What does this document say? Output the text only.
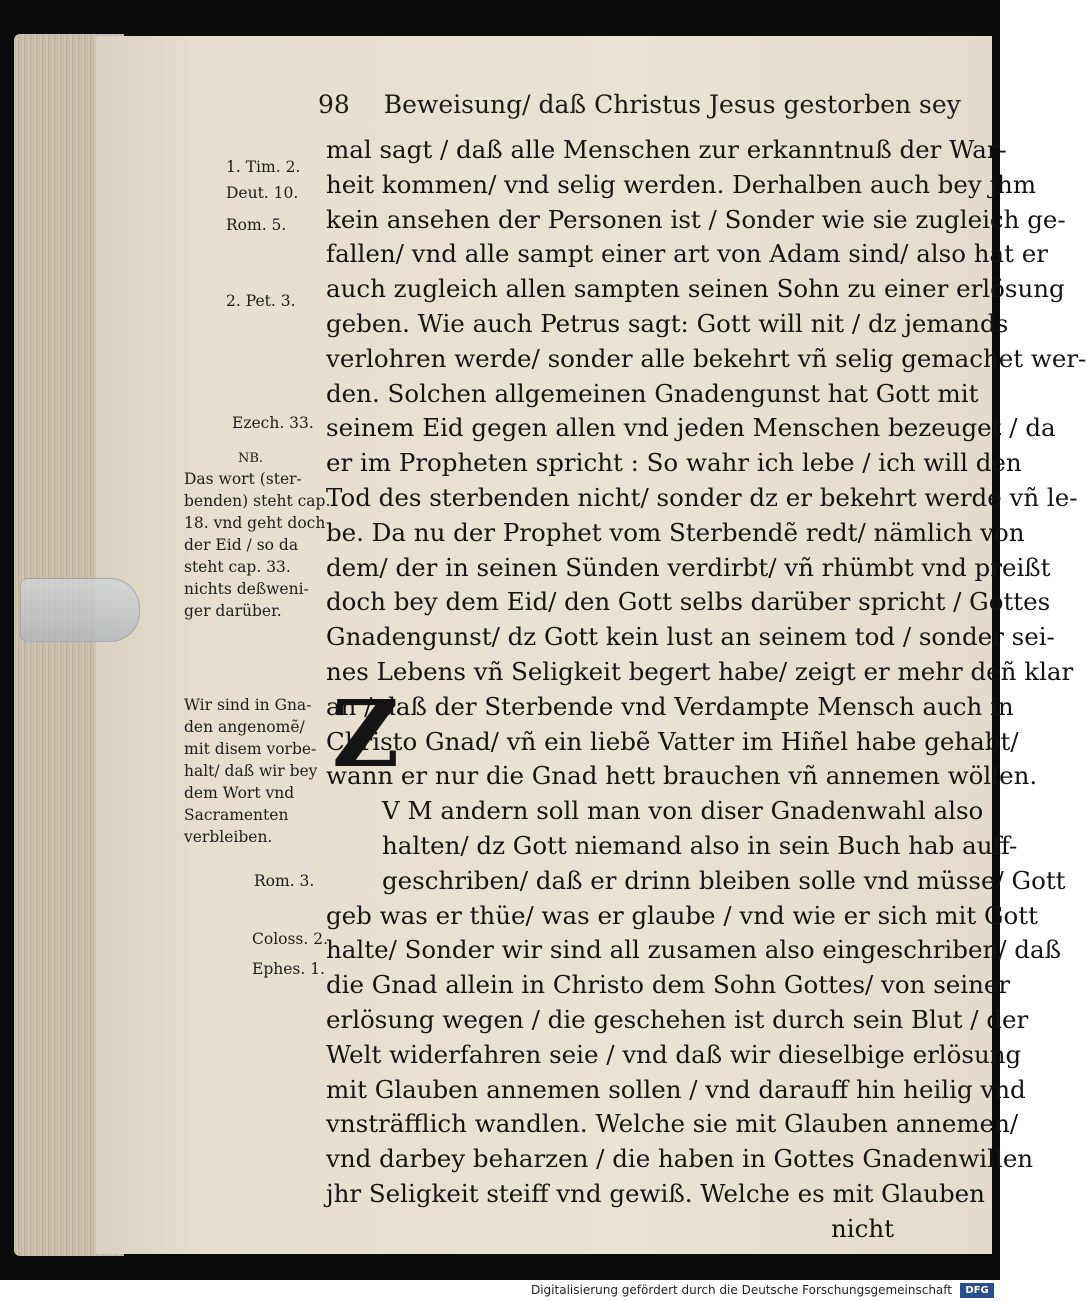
98 Beweisung/ daß Christus Jesus gestorben sey
Z
mal sagt / daß alle Menschen zur erkanntnuß der War-
heit kommen/ vnd selig werden. Derhalben auch bey jhm
kein ansehen der Personen ist / Sonder wie sie zugleich ge-
fallen/ vnd alle sampt einer art von Adam sind/ also hat er
auch zugleich allen sampten seinen Sohn zu einer erlösung
geben. Wie auch Petrus sagt: Gott will nit / dz jemands
verlohren werde/ sonder alle bekehrt vñ selig gemachet wer-
den. Solchen allgemeinen Gnadengunst hat Gott mit
seinem Eid gegen allen vnd jeden Menschen bezeuget / da
er im Propheten spricht : So wahr ich lebe / ich will den
Tod des sterbenden nicht/ sonder dz er bekehrt werde vñ le-
be. Da nu der Prophet vom Sterbendẽ redt/ nämlich von
dem/ der in seinen Sünden verdirbt/ vñ rhümbt vnd preißt
doch bey dem Eid/ den Gott selbs darüber spricht / Gottes
Gnadengunst/ dz Gott kein lust an seinem tod / sonder sei-
nes Lebens vñ Seligkeit begert habe/ zeigt er mehr deñ klar
an / daß der Sterbende vnd Verdampte Mensch auch in
Christo Gnad/ vñ ein liebẽ Vatter im Hiñel habe gehabt/
wann er nur die Gnad hett brauchen vñ annemen wöllen.
V M andern soll man von diser Gnadenwahl also
halten/ dz Gott niemand also in sein Buch hab auff-
geschriben/ daß er drinn bleiben solle vnd müsse/ Gott
geb was er thüe/ was er glaube / vnd wie er sich mit Gott
halte/ Sonder wir sind all zusamen also eingeschriben/ daß
die Gnad allein in Christo dem Sohn Gottes/ von seiner
erlösung wegen / die geschehen ist durch sein Blut / der
Welt widerfahren seie / vnd daß wir dieselbige erlösung
mit Glauben annemen sollen / vnd darauff hin heilig vnd
vnsträfflich wandlen. Welche sie mit Glauben annemen/
vnd darbey beharzen / die haben in Gottes Gnadenwillen
jhr Seligkeit steiff vnd gewiß. Welche es mit Glauben
nicht
1. Tim. 2.
Deut. 10.
Rom. 5.
2. Pet. 3.
Ezech. 33.
NB.
Das wort (ster-
benden) steht cap.
18. vnd geht doch
der Eid / so da
steht cap. 33.
nichts deßweni-
ger darüber.
Wir sind in Gna-
den angenomẽ/
mit disem vorbe-
halt/ daß wir bey
dem Wort vnd
Sacramenten
verbleiben.
Rom. 3.
Coloss. 2.
Ephes. 1.
Digitalisierung gefördert durch die Deutsche Forschungsgemeinschaft	DFG
